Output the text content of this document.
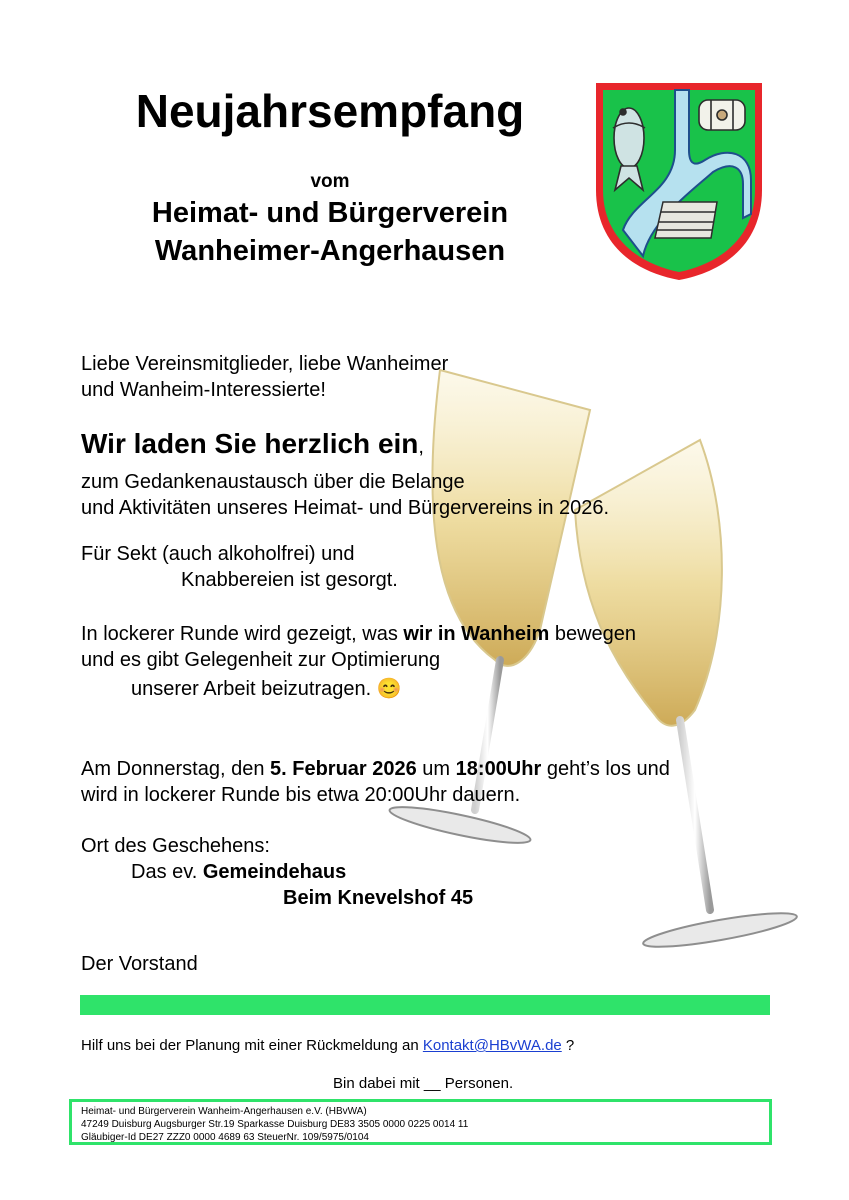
Neujahrsempfang
vom
Heimat- und Bürgerverein
Wanheimer-Angerhausen
Liebe Vereinsmitglieder, liebe Wanheimer
und Wanheim-Interessierte!
Wir laden Sie herzlich ein,
zum Gedankenaustausch über die Belange
und Aktivitäten unseres Heimat- und Bürgervereins in 2026.
Für Sekt (auch alkoholfrei) und
Knabbereien ist gesorgt.
In lockerer Runde wird gezeigt, was wir in Wanheim bewegen
und es gibt Gelegenheit zur Optimierung
unserer Arbeit beizutragen. 😊
Am Donnerstag, den 5. Februar 2026 um 18:00Uhr geht’s los und
wird in lockerer Runde bis etwa 20:00Uhr dauern.
Ort des Geschehens:
Das ev. Gemeindehaus
Beim Knevelshof 45
Der Vorstand
Hilf uns bei der Planung mit einer Rückmeldung an Kontakt@HBvWA.de ?
Bin dabei mit __ Personen.
Heimat- und Bürgerverein Wanheim-Angerhausen e.V. (HBvWA)
47249 Duisburg Augsburger Str.19 Sparkasse Duisburg DE83 3505 0000 0225 0014 11
Gläubiger-Id DE27 ZZZ0 0000 4689 63 SteuerNr. 109/5975/0104
